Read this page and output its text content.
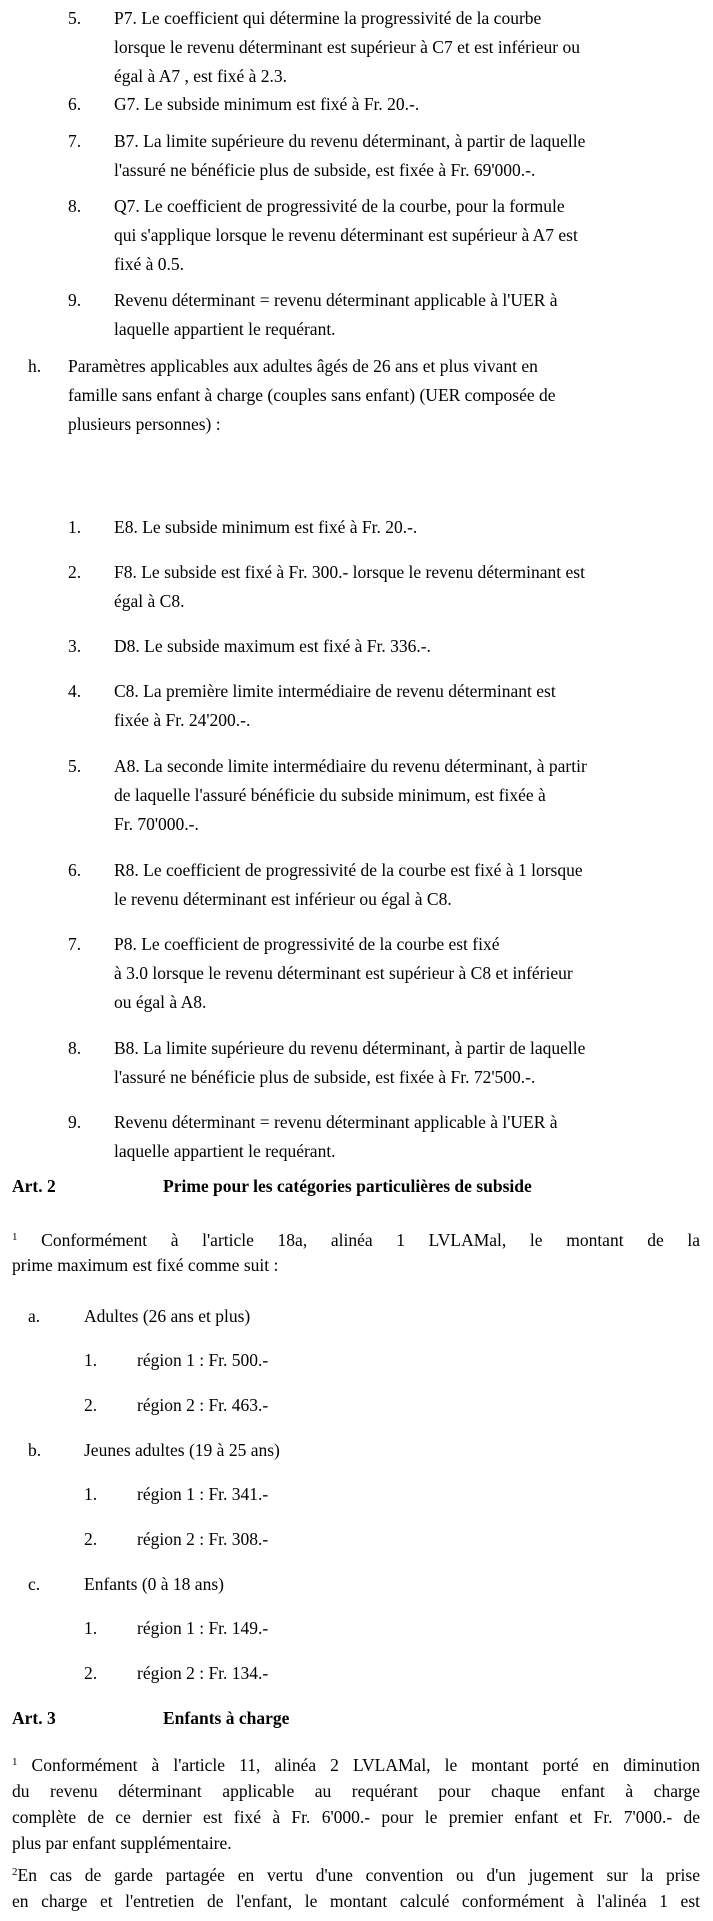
5. P7. Le coefficient qui détermine la progressivité de la courbe
lorsque le revenu déterminant est supérieur à C7 et est inférieur ou
égal à A7 , est fixé à 2.3.
6. G7. Le subside minimum est fixé à Fr. 20.-.
7. B7. La limite supérieure du revenu déterminant, à partir de laquelle
l'assuré ne bénéficie plus de subside, est fixée à Fr. 69'000.-.
8. Q7. Le coefficient de progressivité de la courbe, pour la formule
qui s'applique lorsque le revenu déterminant est supérieur à A7 est
fixé à 0.5.
9. Revenu déterminant = revenu déterminant applicable à l'UER à
laquelle appartient le requérant.
h. Paramètres applicables aux adultes âgés de 26 ans et plus vivant en
famille sans enfant à charge (couples sans enfant) (UER composée de
plusieurs personnes) :
1. E8. Le subside minimum est fixé à Fr. 20.-.
2. F8. Le subside est fixé à Fr. 300.- lorsque le revenu déterminant est
égal à C8.
3. D8. Le subside maximum est fixé à Fr. 336.-.
4. C8. La première limite intermédiaire de revenu déterminant est
fixée à Fr. 24'200.-.
5. A8. La seconde limite intermédiaire du revenu déterminant, à partir
de laquelle l'assuré bénéficie du subside minimum, est fixée à
Fr. 70'000.-.
6. R8. Le coefficient de progressivité de la courbe est fixé à 1 lorsque
le revenu déterminant est inférieur ou égal à C8.
7. P8. Le coefficient de progressivité de la courbe est fixé
à 3.0 lorsque le revenu déterminant est supérieur à C8 et inférieur
ou égal à A8.
8. B8. La limite supérieure du revenu déterminant, à partir de laquelle
l'assuré ne bénéficie plus de subside, est fixée à Fr. 72'500.-.
9. Revenu déterminant = revenu déterminant applicable à l'UER à
laquelle appartient le requérant.
Art. 2	Prime pour les catégories particulières de subside
$^1$ Conformément à l'article 18a, alinéa 1 LVLAMal, le montant de la
prime maximum est fixé comme suit :
a.	Adultes (26 ans et plus)
1. région 1 : Fr. 500.-
2. région 2 : Fr. 463.-
b. Jeunes adultes (19 à 25 ans)
1. région 1 : Fr. 341.-
2. région 2 : Fr. 308.-
c.	Enfants (0 à 18 ans)
1. région 1 : Fr. 149.-
2. région 2 : Fr. 134.-
Art. 3	Enfants à charge
$^1$ Conformément à l'article 11, alinéa 2 LVLAMal, le montant porté en diminution
du revenu déterminant applicable au requérant pour chaque enfant à charge
complète de ce dernier est fixé à Fr. 6'000.- pour le premier enfant et Fr. 7'000.- de
plus par enfant supplémentaire.
$^2$En cas de garde partagée en vertu d'une convention ou d'un jugement sur la prise
en charge et l'entretien de l'enfant, le montant calculé conformément à l'alinéa 1 est
